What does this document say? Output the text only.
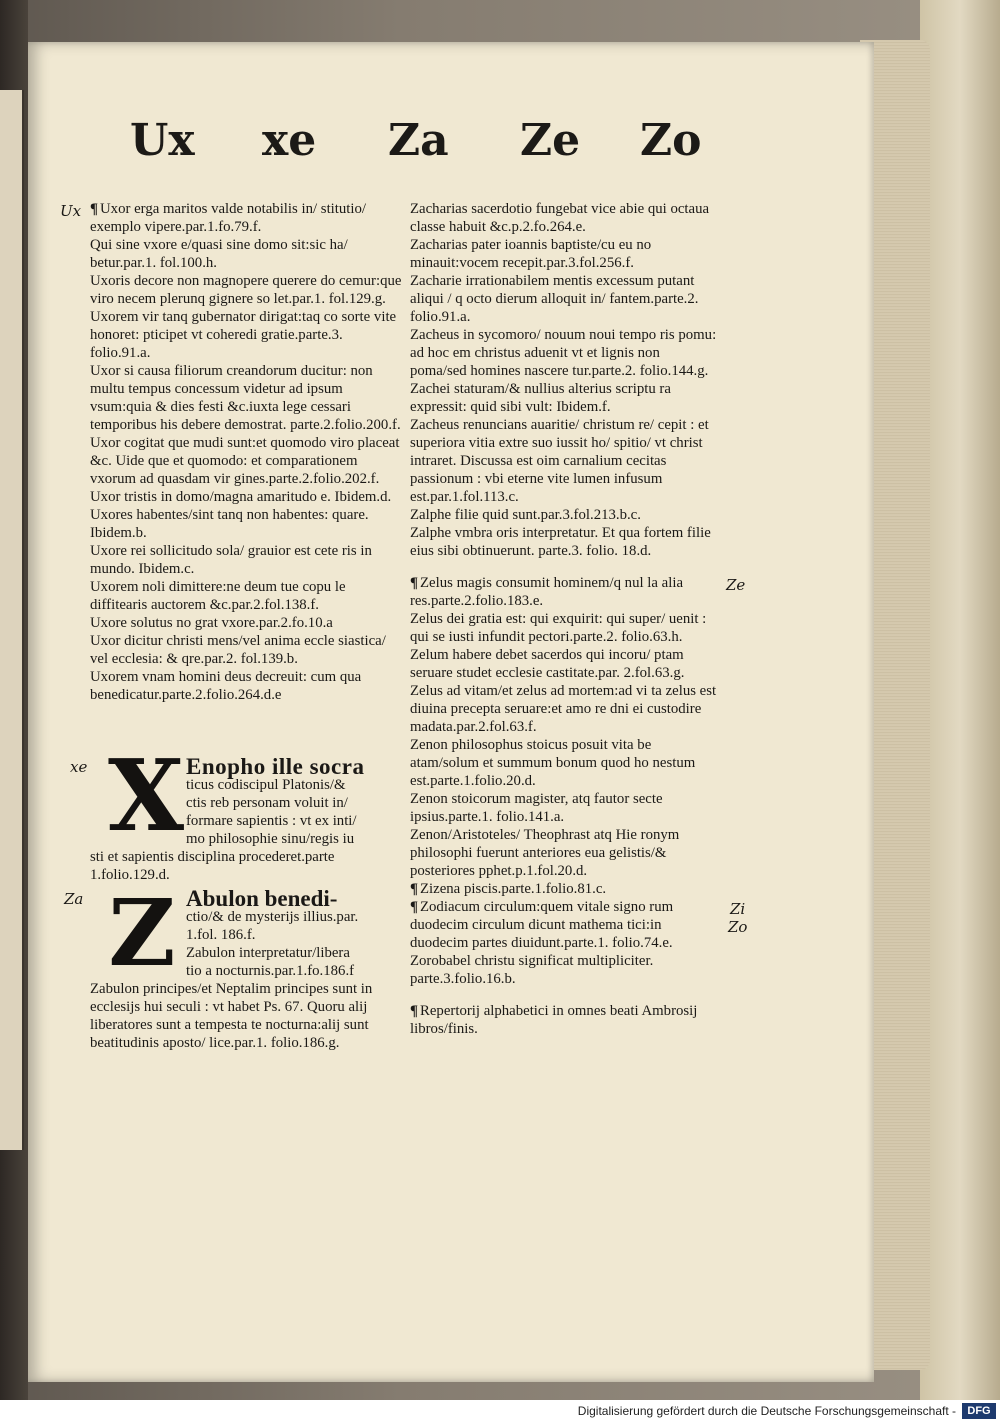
Ux xe Za Ze Zo
Ux
xe
Za
Ze
Zi
Zo

¶ Uxor erga maritos valde notabilis in/ stitutio/ exemplo vipere.par.1.fo.79.f.

Qui sine vxore e/quasi sine domo sit:sic ha/ betur.par.1. fol.100.h.

Uxoris decore non magnopere querere do cemur:que viro necem plerunq gignere so let.par.1. fol.129.g.

Uxorem vir tanq gubernator dirigat:taq co sorte vite honoret: pticipet vt coheredi gratie.parte.3. folio.91.a.

Uxor si causa filiorum creandorum ducitur: non multu tempus concessum videtur ad ipsum vsum:quia & dies festi &c.iuxta lege cessari temporibus his debere demostrat. parte.2.folio.200.f.

Uxor cogitat que mudi sunt:et quomodo viro placeat &c. Uide que et quomodo: et comparationem vxorum ad quasdam vir gines.parte.2.folio.202.f.

Uxor tristis in domo/magna amaritudo e. Ibidem.d.

Uxores habentes/sint tanq non habentes: quare. Ibidem.b.

Uxore rei sollicitudo sola/ grauior est cete ris in mundo. Ibidem.c.

Uxorem noli dimittere:ne deum tue copu le diffitearis auctorem &c.par.2.fol.138.f.

Uxore solutus no grat vxore.par.2.fo.10.a

Uxor dicitur christi mens/vel anima eccle siastica/ vel ecclesia: & qre.par.2. fol.139.b.

Uxorem vnam homini deus decreuit: cum qua benedicatur.parte.2.folio.264.d.e

X Enopho ille socra
ticus codiscipul Platonis/&
ctis reb personam voluit in/
formare sapientis : vt ex inti/
mo philosophie sinu/regis iu
sti et sapientis disciplina procederet.parte 1.folio.129.d.
Z Abulon benedi-
ctio/& de mysterijs illius.par.
1.fol. 186.f.
Zabulon interpretatur/libera
tio a nocturnis.par.1.fo.186.f
Zabulon principes/et Neptalim principes sunt in ecclesijs hui seculi : vt habet Ps. 67. Quoru alij liberatores sunt a tempesta te nocturna:alij sunt beatitudinis aposto/ lice.par.1. folio.186.g.

Zacharias sacerdotio fungebat vice abie qui octaua classe habuit &c.p.2.fo.264.e.

Zacharias pater ioannis baptiste/cu eu no minauit:vocem recepit.par.3.fol.256.f.

Zacharie irrationabilem mentis excessum putant aliqui / q octo dierum alloquit in/ fantem.parte.2. folio.91.a.

Zacheus in sycomoro/ nouum noui tempo ris pomu: ad hoc em christus aduenit vt et lignis non poma/sed homines nascere tur.parte.2. folio.144.g.

Zachei staturam/& nullius alterius scriptu ra expressit: quid sibi vult: Ibidem.f.

Zacheus renuncians auaritie/ christum re/ cepit : et superiora vitia extre suo iussit ho/ spitio/ vt christ intraret. Discussa est oim carnalium cecitas passionum : vbi eterne vite lumen infusum est.par.1.fol.113.c.

Zalphe filie quid sunt.par.3.fol.213.b.c.

Zalphe vmbra oris interpretatur. Et qua fortem filie eius sibi obtinuerunt. parte.3. folio. 18.d.

¶ Zelus magis consumit hominem/q nul la alia res.parte.2.folio.183.e.

Zelus dei gratia est: qui exquirit: qui super/ uenit : qui se iusti infundit pectori.parte.2. folio.63.h.

Zelum habere debet sacerdos qui incoru/ ptam seruare studet ecclesie castitate.par. 2.fol.63.g.

Zelus ad vitam/et zelus ad mortem:ad vi ta zelus est diuina precepta seruare:et amo re dni ei custodire madata.par.2.fol.63.f.

Zenon philosophus stoicus posuit vita be atam/solum et summum bonum quod ho nestum est.parte.1.folio.20.d.

Zenon stoicorum magister, atq fautor secte ipsius.parte.1. folio.141.a.

Zenon/Aristoteles/ Theophrast atq Hie ronym philosophi fuerunt anteriores eua gelistis/& posteriores pphet.p.1.fol.20.d.

¶ Zizena piscis.parte.1.folio.81.c.

¶ Zodiacum circulum:quem vitale signo rum duodecim circulum dicunt mathema tici:in duodecim partes diuidunt.parte.1. folio.74.e.

Zorobabel christu significat multipliciter. parte.3.folio.16.b.

¶ Repertorij alphabetici in omnes beati Ambrosij libros/finis.

Digitalisierung gefördert durch die Deutsche Forschungsgemeinschaft -	DFG
